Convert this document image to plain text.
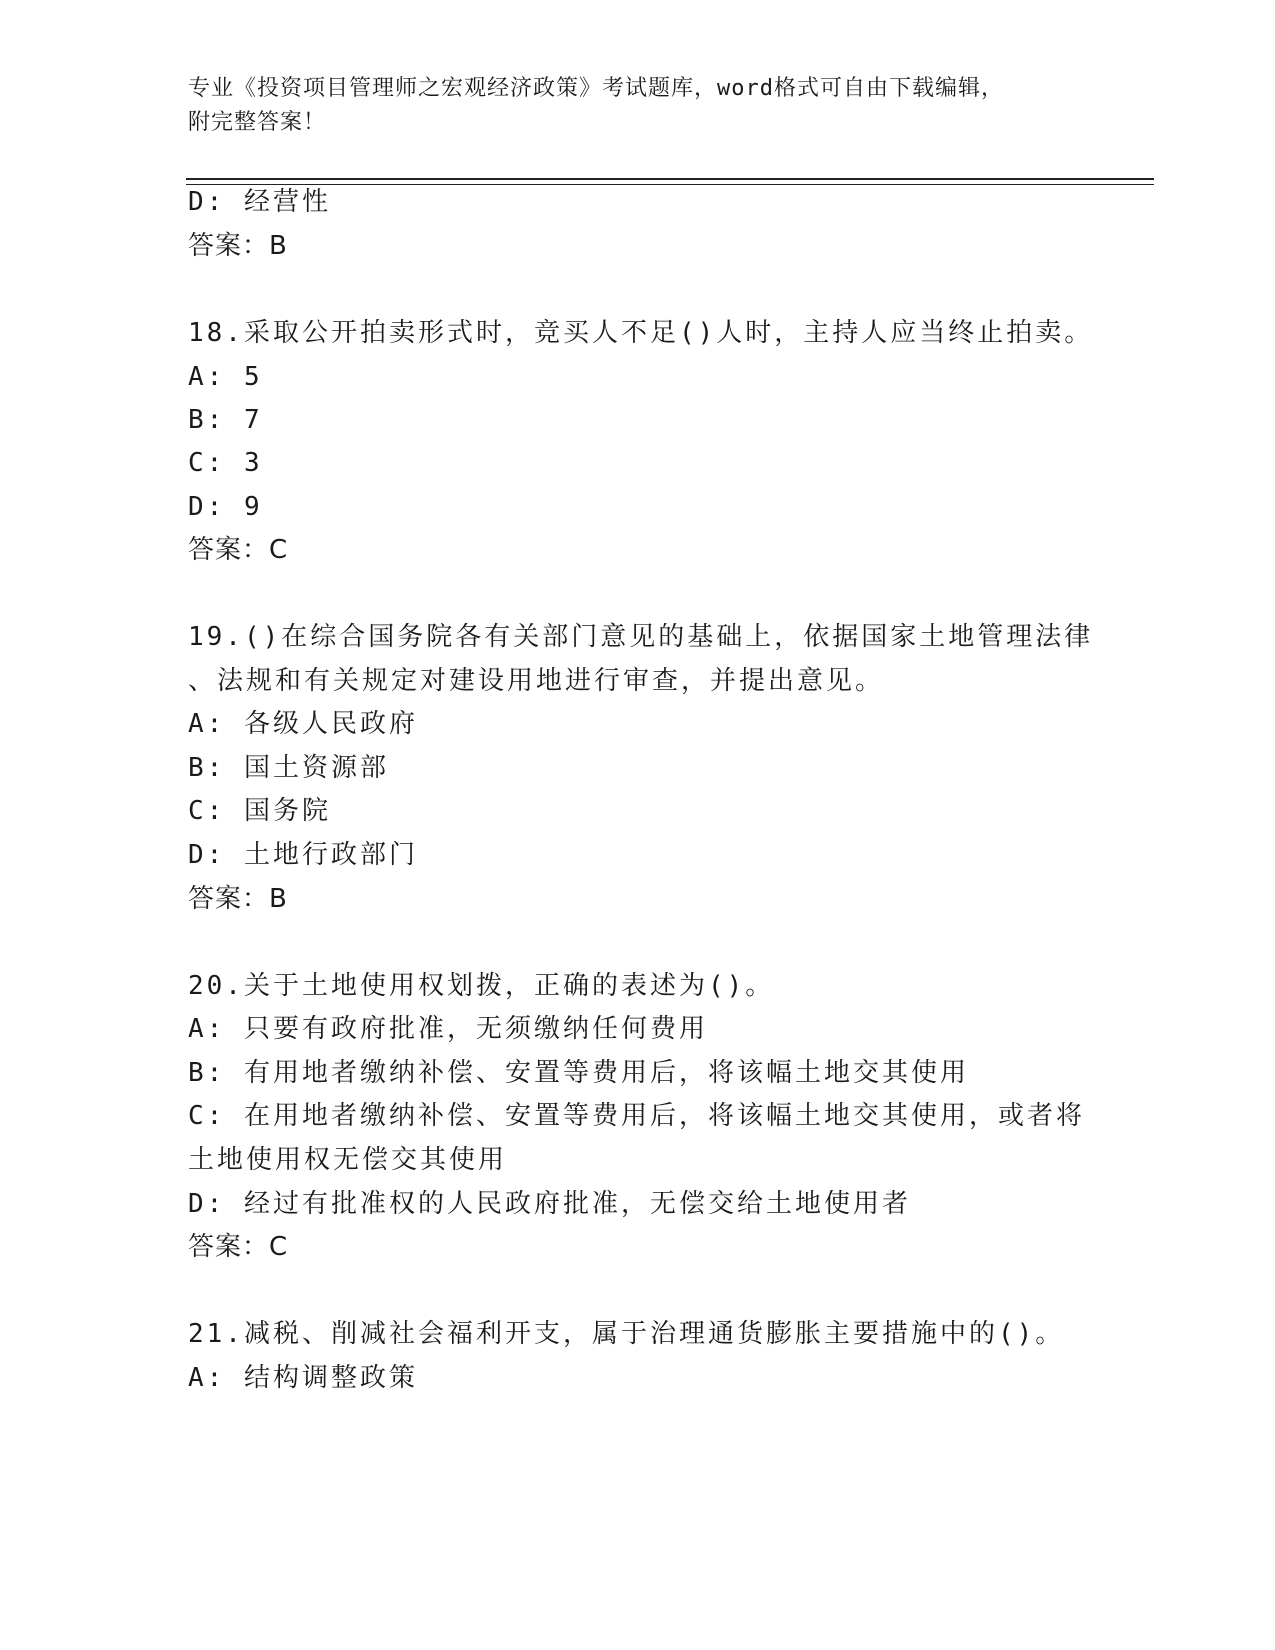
专业《投资项目管理师之宏观经济政策》考试题库，word格式可自由下载编辑，
附完整答案！
D: 经营性
答案：B
18.采取公开拍卖形式时，竞买人不足()人时，主持人应当终止拍卖。
A: 5
B: 7
C: 3
D: 9
答案：C
19.()在综合国务院各有关部门意见的基础上，依据国家土地管理法律
、法规和有关规定对建设用地进行审查，并提出意见。
A: 各级人民政府
B: 国土资源部
C: 国务院
D: 土地行政部门
答案：B
20.关于土地使用权划拨，正确的表述为()。
A: 只要有政府批准，无须缴纳任何费用
B: 有用地者缴纳补偿、安置等费用后，将该幅土地交其使用
C: 在用地者缴纳补偿、安置等费用后，将该幅土地交其使用，或者将
土地使用权无偿交其使用
D: 经过有批准权的人民政府批准，无偿交给土地使用者
答案：C
21.减税、削减社会福利开支，属于治理通货膨胀主要措施中的()。
A: 结构调整政策
